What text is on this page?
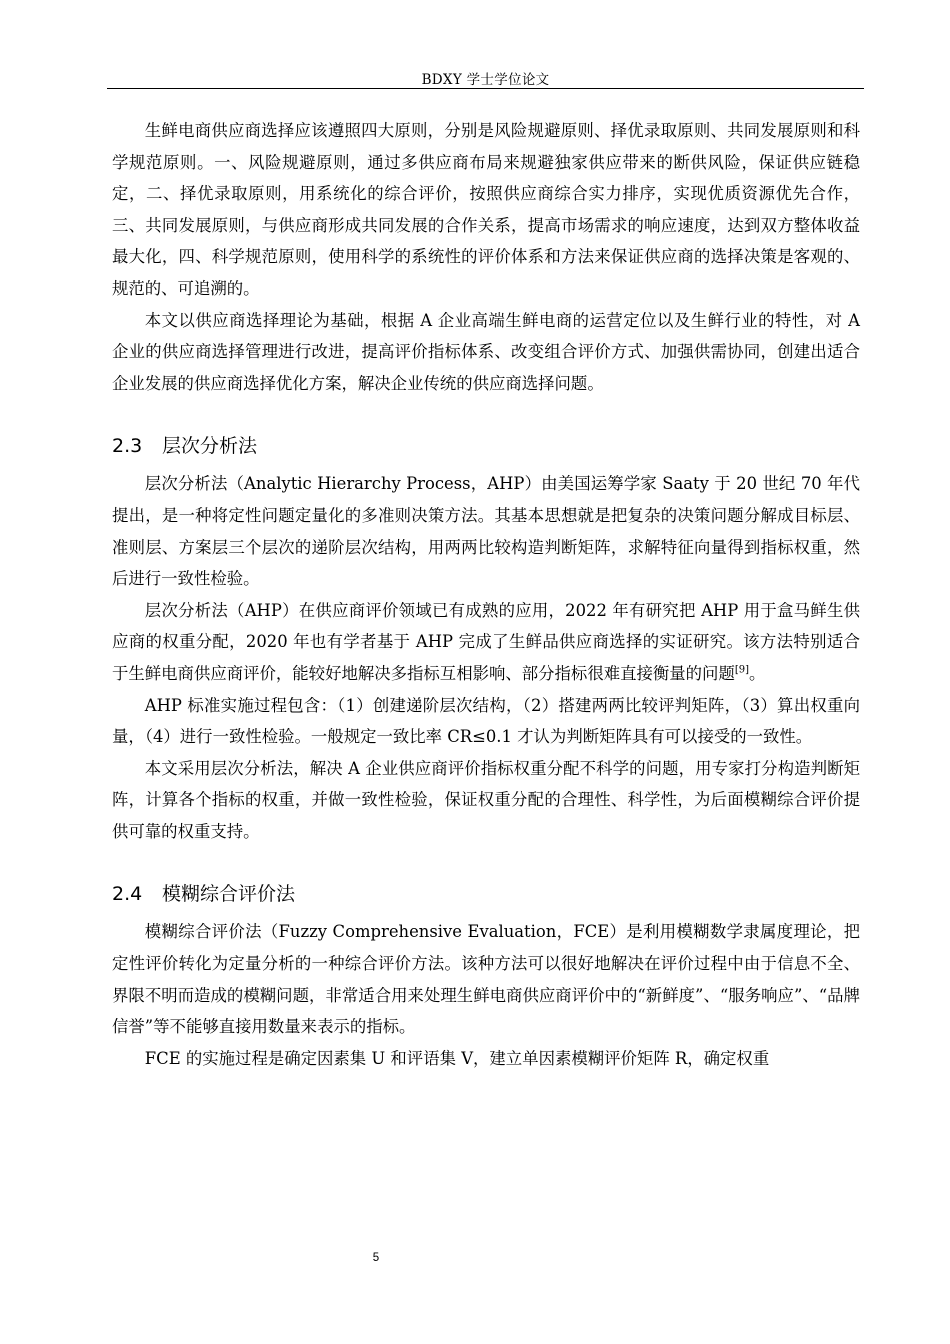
BDXY 学士学位论文

生鲜电商供应商选择应该遵照四大原则，分别是风险规避原则、择优录取原则、共同发展原则和科学规范原则。一、风险规避原则，通过多供应商布局来规避独家供应带来的断供风险，保证供应链稳定，二、择优录取原则，用系统化的综合评价，按照供应商综合实力排序，实现优质资源优先合作，三、共同发展原则，与供应商形成共同发展的合作关系，提高市场需求的响应速度，达到双方整体收益最大化，四、科学规范原则，使用科学的系统性的评价体系和方法来保证供应商的选择决策是客观的、规范的、可追溯的。

本文以供应商选择理论为基础，根据 A 企业高端生鲜电商的运营定位以及生鲜行业的特性，对 A 企业的供应商选择管理进行改进，提高评价指标体系、改变组合评价方式、加强供需协同，创建出适合企业发展的供应商选择优化方案，解决企业传统的供应商选择问题。

2.3 层次分析法

层次分析法（Analytic Hierarchy Process，AHP）由美国运筹学家 Saaty 于 20 世纪 70 年代提出，是一种将定性问题定量化的多准则决策方法。其基本思想就是把复杂的决策问题分解成目标层、准则层、方案层三个层次的递阶层次结构，用两两比较构造判断矩阵，求解特征向量得到指标权重，然后进行一致性检验。

层次分析法（AHP）在供应商评价领域已有成熟的应用，2022 年有研究把 AHP 用于盒马鲜生供应商的权重分配，2020 年也有学者基于 AHP 完成了生鲜品供应商选择的实证研究。该方法特别适合于生鲜电商供应商评价，能较好地解决多指标互相影响、部分指标很难直接衡量的问题[9]。

AHP 标准实施过程包含：（1）创建递阶层次结构，（2）搭建两两比较评判矩阵，（3）算出权重向量，（4）进行一致性检验。一般规定一致比率 CR≤0.1 才认为判断矩阵具有可以接受的一致性。

本文采用层次分析法，解决 A 企业供应商评价指标权重分配不科学的问题，用专家打分构造判断矩阵，计算各个指标的权重，并做一致性检验，保证权重分配的合理性、科学性，为后面模糊综合评价提供可靠的权重支持。

2.4 模糊综合评价法

模糊综合评价法（Fuzzy Comprehensive Evaluation，FCE）是利用模糊数学隶属度理论，把定性评价转化为定量分析的一种综合评价方法。该种方法可以很好地解决在评价过程中由于信息不全、界限不明而造成的模糊问题，非常适合用来处理生鲜电商供应商评价中的“新鲜度”、“服务响应”、“品牌信誉”等不能够直接用数量来表示的指标。

FCE 的实施过程是确定因素集 U 和评语集 V，建立单因素模糊评价矩阵 R，确定权重

5
